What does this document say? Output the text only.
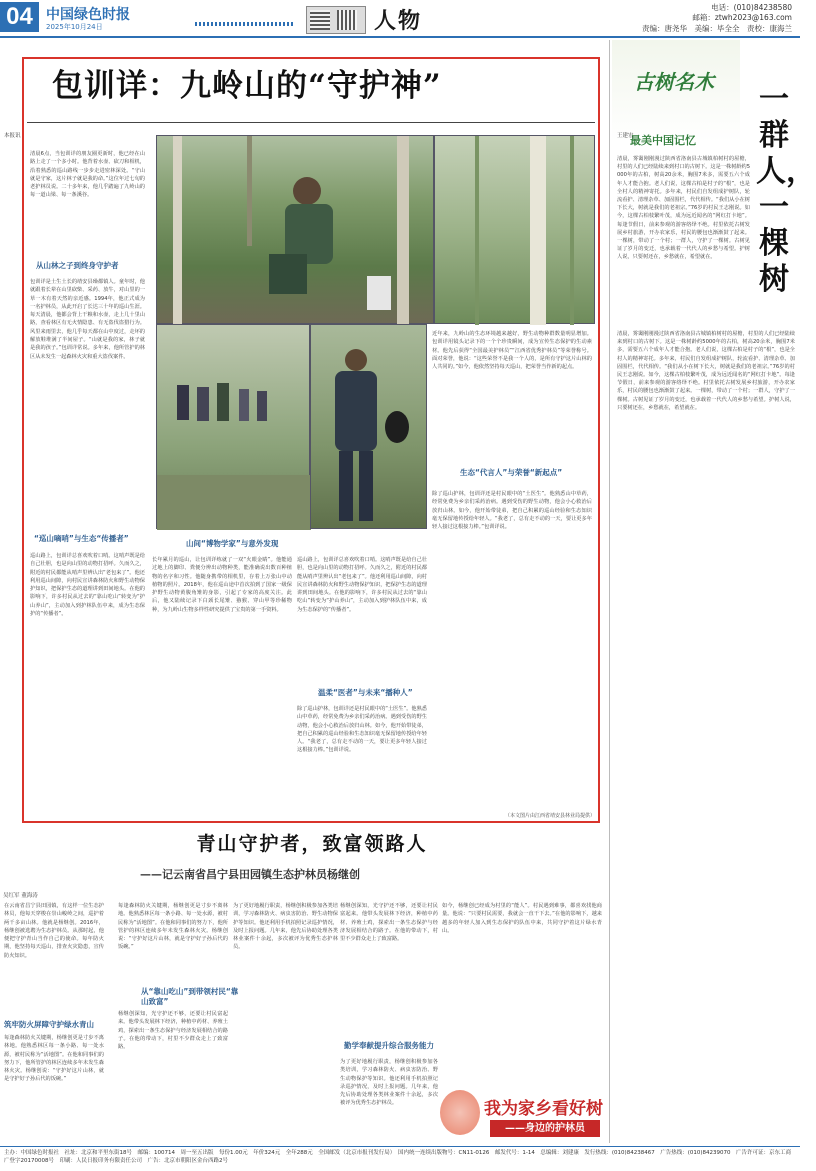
04 中国绿色时报
2025年10月24日	人物
电话：(010)84238580
邮箱：ztwh2023@163.com
责编：唐尧华　美编：毕全全　责校：康海兰
包训详：九岭山的“守护神”
本报讯
清晨6点，当包训详的朋友圈更新时，他已经在山路上走了一个多小时。他背着水壶、砍刀和相机，沿着熟悉的巡山路线一步步走进密林深处。“守山就是守家，这片林子就是我的命。”这位年过七旬的老护林员说。二十多年来，他几乎踏遍了九岭山的每一道山梁、每一条溪谷。
从山林之子到终身守护者
包训详是土生土长的靖安县璪都镇人。童年时，他就跟着长辈在山里砍柴、采药、放牛，对山里的一草一木有着天然的亲近感。1994年，他正式成为一名护林员，从此开启了长达三十年的巡山生涯。每天清晨，他都会背上干粮和水壶，走上几十里山路，查看林区有无火情隐患、有无盗伐盗猎行为。风里来雨里去，他几乎每天都在山中度过，走坏的解放鞋堆满了半间屋子。“山就是我的家，林子就是我的孩子。”包训详常说。多年来，他所管护的林区从未发生一起森林火灾和重大盗伐案件。
“巡山嘀哨”与生态“传播者”
巡山路上，包训详总喜欢吹着口哨。这哨声既是给自己壮胆，也是向山里的动物打招呼。久而久之，附近的村民都能从哨声里辨认出“老包来了”。他还利用巡山间隙，向村民宣讲森林防火和野生动物保护知识，把保护生态的道理讲到田间地头。在他的影响下，许多村民从过去的“靠山吃山”转变为“护山养山”，主动加入到护林队伍中来，成为生态保护的“传播者”。
近年来，九岭山的生态环境越来越好，野生动物种群数量明显增加。包训详用镜头记录下的一个个珍贵瞬间，成为宣传生态保护的生动素材。他先后获得“全国最美护林员”“江西省优秀护林员”等荣誉称号。面对荣誉，他说：“这些荣誉不是我一个人的，是所有守护这片山林的人共同的。”如今，他依然坚持每天巡山，把荣誉当作新的起点。
生态“代言人”与荣誉“新起点”
除了巡山护林，包训详还是村民眼中的“土医生”。他熟悉山中草药，经常免费为乡亲们采药治病。遇到受伤的野生动物，他会小心救治后放归山林。如今，他开始带徒弟，把自己积累的巡山经验和生态知识毫无保留地传授给年轻人。“我老了，总有走不动的一天，要让更多年轻人接过这根接力棒。”包训详说。
山间“博物学家”与意外发现
长年累月的巡山，让包训详练就了一双“火眼金睛”。他能通过地上的脚印、粪便分辨出动物种类，能准确说出数百种植物的名字和习性。他随身携带的相机里，存着上万张山中动植物的照片。2018年，他在巡山途中首次拍到了国家一级保护野生动物黄腹角雉的身影，引起了专家的高度关注。此后，他又陆续记录下白颈长尾雉、猕猴、穿山甲等珍稀物种，为九岭山生物多样性研究提供了宝贵的第一手资料。
温柔“医者”与未来“播种人”
巡山路上，包训详总喜欢吹着口哨。这哨声既是给自己壮胆，也是向山里的动物打招呼。久而久之，附近的村民都能从哨声里辨认出“老包来了”。他还利用巡山间隙，向村民宣讲森林防火和野生动物保护知识，把保护生态的道理讲到田间地头。在他的影响下，许多村民从过去的“靠山吃山”转变为“护山养山”，主动加入到护林队伍中来，成为生态保护的“传播者”。
除了巡山护林，包训详还是村民眼中的“土医生”。他熟悉山中草药，经常免费为乡亲们采药治病。遇到受伤的野生动物，他会小心救治后放归山林。如今，他开始带徒弟，把自己积累的巡山经验和生态知识毫无保留地传授给年轻人。“我老了，总有走不动的一天，要让更多年轻人接过这根接力棒。”包训详说。
（本文图片由江西省靖安县林业局提供）
古树名木
最美中国记忆
一群人，一棵树
王建宏
清晨，雾霭刚刚漫过陕西省洛南县古城镇柏树村的屋檐，村里的人们已经陆续来到村口的古树下。这是一株树龄约5000年的古柏，树高20余米，胸围7米多，需要五六个成年人才能合抱。老人们说，这棵古柏是村子的“根”，也是全村人的精神寄托。多年来，村民们自发组成护树队，轮流看护、清理杂草、加固围栏，代代相传。“我们从小在树下长大，树就是我们的老祖宗。”76岁的村民王志刚说。如今，这棵古柏枝繁叶茂，成为远近闻名的“网红打卡地”。每逢节假日，前来参观的游客络绎不绝。村里依托古树发展乡村旅游，开办农家乐，村民的腰包也渐渐鼓了起来。一棵树，带动了一个村；一群人，守护了一棵树。古树见证了岁月的变迁，也承载着一代代人的乡愁与希望。护树人说，只要树还在，乡愁就在，希望就在。
清晨，雾霭刚刚漫过陕西省洛南县古城镇柏树村的屋檐，村里的人们已经陆续来到村口的古树下。这是一株树龄约5000年的古柏，树高20余米，胸围7米多，需要五六个成年人才能合抱。老人们说，这棵古柏是村子的“根”，也是全村人的精神寄托。多年来，村民们自发组成护树队，轮流看护、清理杂草、加固围栏，代代相传。“我们从小在树下长大，树就是我们的老祖宗。”76岁的村民王志刚说。如今，这棵古柏枝繁叶茂，成为远近闻名的“网红打卡地”。每逢节假日，前来参观的游客络绎不绝。村里依托古树发展乡村旅游，开办农家乐，村民的腰包也渐渐鼓了起来。一棵树，带动了一个村；一群人，守护了一棵树。古树见证了岁月的变迁，也承载着一代代人的乡愁与希望。护树人说，只要树还在，乡愁就在，希望就在。
青山守护者，致富领路人
——记云南省昌宁县田园镇生态护林员杨继创
吴红军 董海涛
在云南省昌宁县田园镇，有这样一位生态护林员，他每天穿梭在崇山峻岭之间，巡护着两千多亩山林。他就是杨继创。2016年，杨继创被选聘为生态护林员。从那时起，他便把守护青山当作自己的使命。每年防火期，他坚持每天巡山，排查火灾隐患，宣传防火知识。
筑牢防火屏障守护绿水青山
每逢森林防火关键期，杨继创更是寸步不离林地。他熟悉林区每一条小路、每一处水源，被村民称为“活地图”。在他和同事们的努力下，他所管护的林区连续多年未发生森林火灾。杨继创说：“守护好这片山林，就是守护好子孙后代的饭碗。”
每逢森林防火关键期，杨继创更是寸步不离林地。他熟悉林区每一条小路、每一处水源，被村民称为“活地图”。在他和同事们的努力下，他所管护的林区连续多年未发生森林火灾。杨继创说：“守护好这片山林，就是守护好子孙后代的饭碗。”
从“靠山吃山”到带领村民“靠山致富”
杨继创深知，光守护还不够，还要让村民富起来。他带头发展林下经济，种植中药材、养殖土鸡，探索出一条生态保护与经济发展相结合的路子。在他的带动下，村里不少群众走上了致富路。
为了更好地履行职责，杨继创积极参加各类培训，学习森林防火、病虫害防治、野生动物保护等知识。他还利用手机拍照记录巡护情况，及时上报问题。几年来，他先后协助处理各类林业案件十余起，多次被评为优秀生态护林员。
勤学奉献提升综合服务能力
杨继创深知，光守护还不够，还要让村民富起来。他带头发展林下经济，种植中药材、养殖土鸡，探索出一条生态保护与经济发展相结合的路子。在他的带动下，村里不少群众走上了致富路。
为了更好地履行职责，杨继创积极参加各类培训，学习森林防火、病虫害防治、野生动物保护等知识。他还利用手机拍照记录巡护情况，及时上报问题。几年来，他先后协助处理各类林业案件十余起，多次被评为优秀生态护林员。
如今，杨继创已经成为村里的“能人”。村民遇到难事，都喜欢找他商量。他说：“只要村民需要，我就会一直干下去。”在他的影响下，越来越多的年轻人加入到生态保护的队伍中来，共同守护着这片绿水青山。
我为家乡看好树
——身边的护林员
主办：中国绿色时报社　社址：北京和平里东街18号　邮编：100714　周一至五出版　每份1.00元　年价324元　全年288元　全国邮发（北京市报刊发行局）　国内统一连续出版物号：CN11-0126　邮发代号：1-14　总编辑：刘建康　发行热线：(010)84238467　广告热线：(010)84239070　广告许可证：京东工商广登字20170008号　印刷：人民日报印务有限责任公司　广告：北京市朝阳区金台西路2号
